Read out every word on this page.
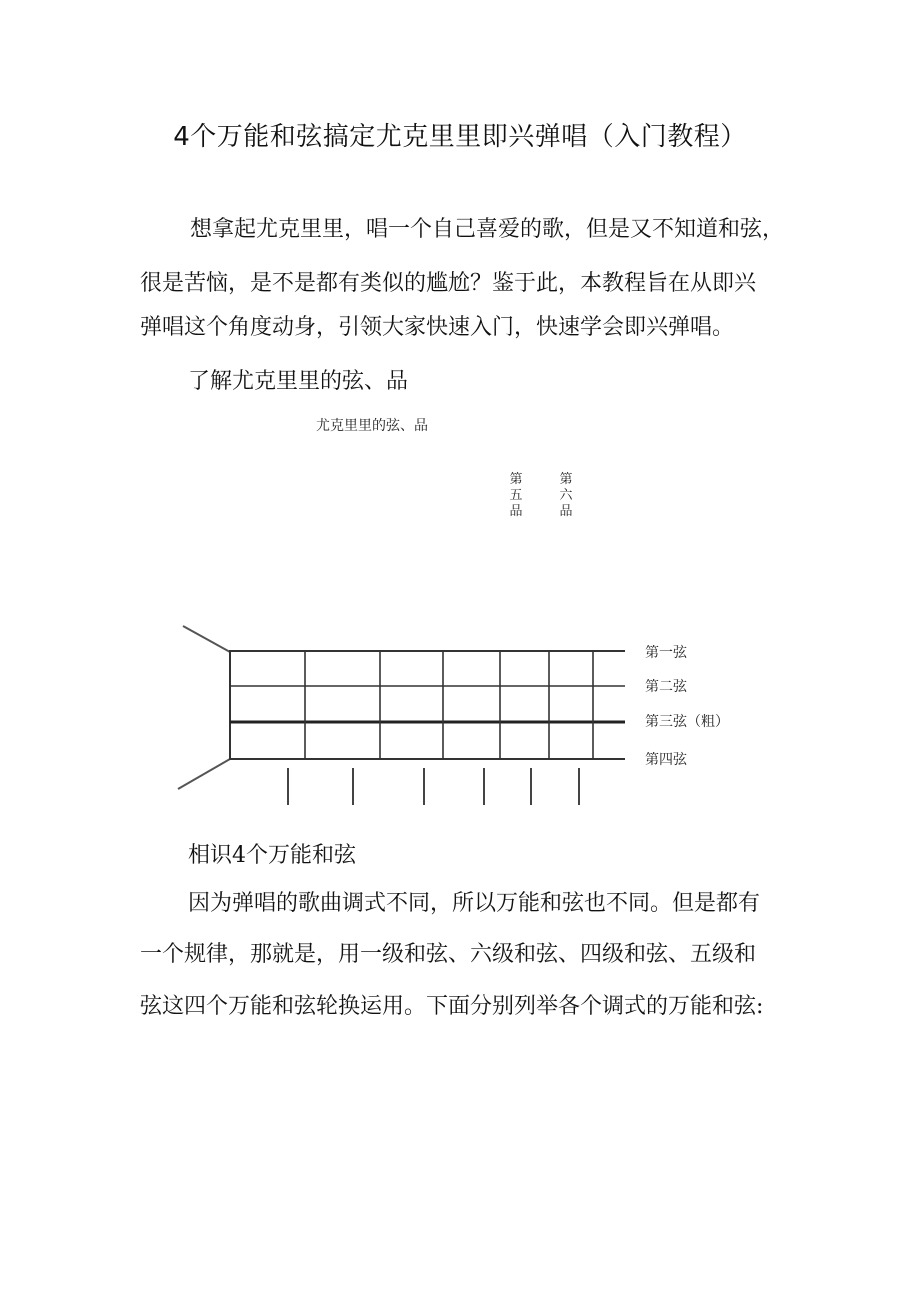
4个万能和弦搞定尤克里里即兴弹唱（入门教程）
想拿起尤克里里，唱一个自己喜爱的歌，但是又不知道和弦，
很是苦恼，是不是都有类似的尴尬？鉴于此，本教程旨在从即兴
弹唱这个角度动身，引领大家快速入门，快速学会即兴弹唱。
了解尤克里里的弦、品
尤克里里的弦、品
第五品
第六品
第一弦
第二弦
第三弦（粗）
第四弦
相识4个万能和弦
因为弹唱的歌曲调式不同，所以万能和弦也不同。但是都有
一个规律，那就是，用一级和弦、六级和弦、四级和弦、五级和
弦这四个万能和弦轮换运用。下面分别列举各个调式的万能和弦:
